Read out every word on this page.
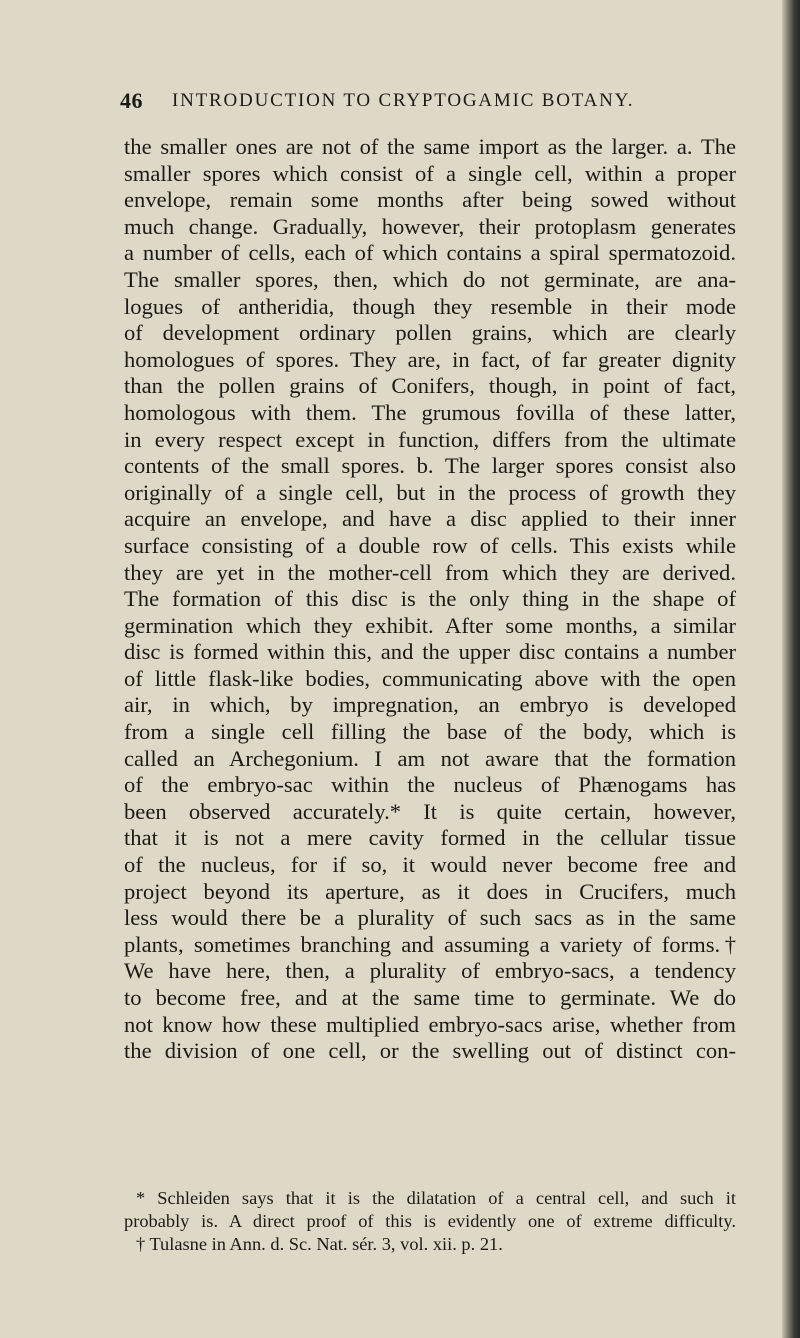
46 INTRODUCTION TO CRYPTOGAMIC BOTANY.
the smaller ones are not of the same import as the larger. a. The
smaller spores which consist of a single cell, within a proper
envelope, remain some months after being sowed without
much change. Gradually, however, their protoplasm generates
a number of cells, each of which contains a spiral spermatozoid.
The smaller spores, then, which do not germinate, are ana-
logues of antheridia, though they resemble in their mode
of development ordinary pollen grains, which are clearly
homologues of spores. They are, in fact, of far greater dignity
than the pollen grains of Conifers, though, in point of fact,
homologous with them. The grumous fovilla of these latter,
in every respect except in function, differs from the ultimate
contents of the small spores. b. The larger spores consist also
originally of a single cell, but in the process of growth they
acquire an envelope, and have a disc applied to their inner
surface consisting of a double row of cells. This exists while
they are yet in the mother-cell from which they are derived.
The formation of this disc is the only thing in the shape of
germination which they exhibit. After some months, a similar
disc is formed within this, and the upper disc contains a number
of little flask-like bodies, communicating above with the open
air, in which, by impregnation, an embryo is developed
from a single cell filling the base of the body, which is
called an Archegonium. I am not aware that the formation
of the embryo-sac within the nucleus of Phænogams has
been observed accurately.* It is quite certain, however,
that it is not a mere cavity formed in the cellular tissue
of the nucleus, for if so, it would never become free and
project beyond its aperture, as it does in Crucifers, much
less would there be a plurality of such sacs as in the same
plants, sometimes branching and assuming a variety of forms.†
We have here, then, a plurality of embryo-sacs, a tendency
to become free, and at the same time to germinate. We do
not know how these multiplied embryo-sacs arise, whether from
the division of one cell, or the swelling out of distinct con-
* Schleiden says that it is the dilatation of a central cell, and such it
probably is. A direct proof of this is evidently one of extreme difficulty.
† Tulasne in Ann. d. Sc. Nat. sér. 3, vol. xii. p. 21.
